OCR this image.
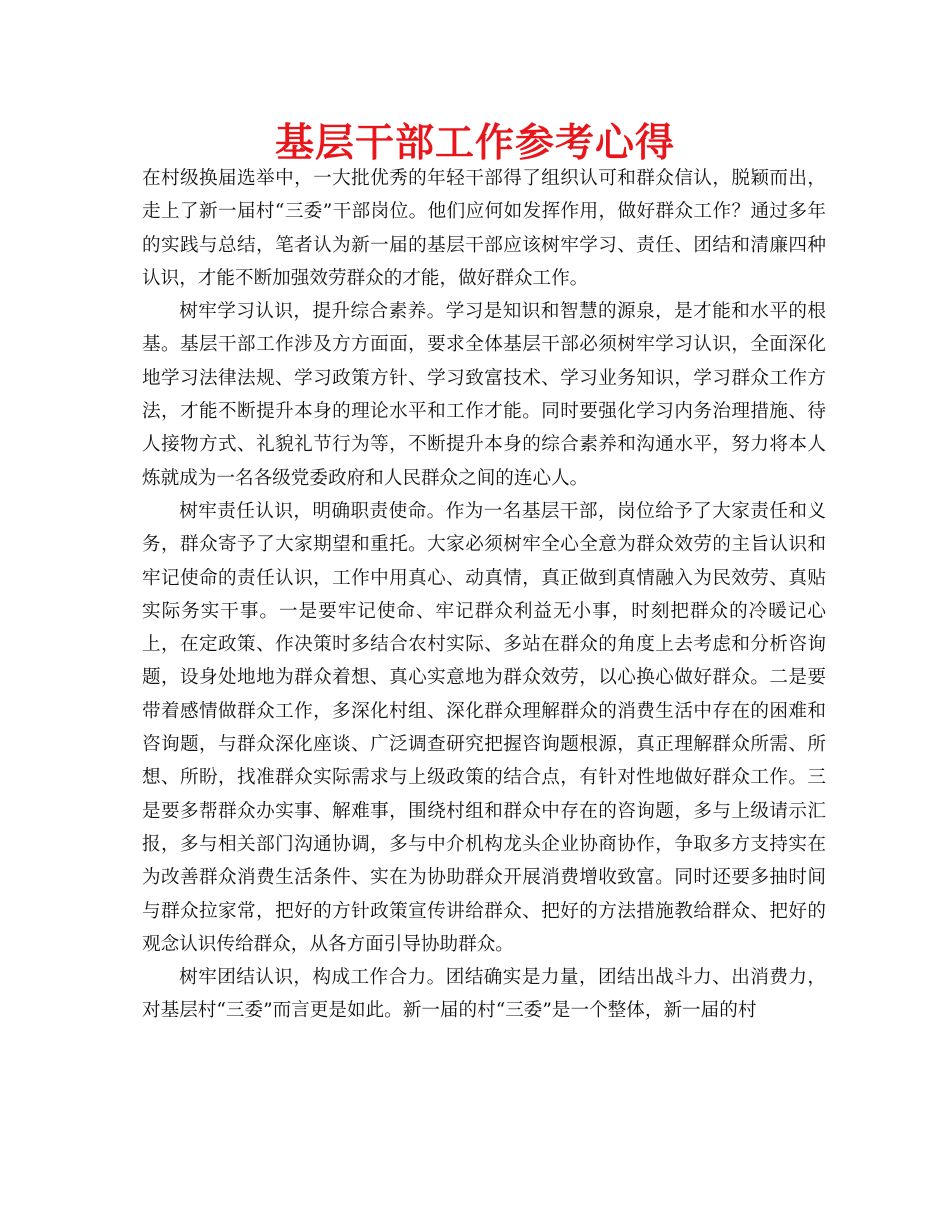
基层干部工作参考心得

在村级换届选举中，一大批优秀的年轻干部得了组织认可和群众信认，脱颖而出，走上了新一届村“三委”干部岗位。他们应何如发挥作用，做好群众工作？通过多年的实践与总结，笔者认为新一届的基层干部应该树牢学习、责任、团结和清廉四种认识，才能不断加强效劳群众的才能，做好群众工作。

树牢学习认识，提升综合素养。学习是知识和智慧的源泉，是才能和水平的根基。基层干部工作涉及方方面面，要求全体基层干部必须树牢学习认识，全面深化地学习法律法规、学习政策方针、学习致富技术、学习业务知识，学习群众工作方法，才能不断提升本身的理论水平和工作才能。同时要强化学习内务治理措施、待人接物方式、礼貌礼节行为等，不断提升本身的综合素养和沟通水平，努力将本人炼就成为一名各级党委政府和人民群众之间的连心人。

树牢责任认识，明确职责使命。作为一名基层干部，岗位给予了大家责任和义务，群众寄予了大家期望和重托。大家必须树牢全心全意为群众效劳的主旨认识和牢记使命的责任认识，工作中用真心、动真情，真正做到真情融入为民效劳、真贴实际务实干事。一是要牢记使命、牢记群众利益无小事，时刻把群众的冷暖记心上，在定政策、作决策时多结合农村实际、多站在群众的角度上去考虑和分析咨询题，设身处地地为群众着想、真心实意地为群众效劳，以心换心做好群众。二是要带着感情做群众工作，多深化村组、深化群众理解群众的消费生活中存在的困难和咨询题，与群众深化座谈、广泛调查研究把握咨询题根源，真正理解群众所需、所想、所盼，找准群众实际需求与上级政策的结合点，有针对性地做好群众工作。三是要多帮群众办实事、解难事，围绕村组和群众中存在的咨询题，多与上级请示汇报，多与相关部门沟通协调，多与中介机构龙头企业协商协作，争取多方支持实在为改善群众消费生活条件、实在为协助群众开展消费增收致富。同时还要多抽时间与群众拉家常，把好的方针政策宣传讲给群众、把好的方法措施教给群众、把好的观念认识传给群众，从各方面引导协助群众。

树牢团结认识，构成工作合力。团结确实是力量，团结出战斗力、出消费力，对基层村“三委”而言更是如此。新一届的村“三委”是一个整体，新一届的村
